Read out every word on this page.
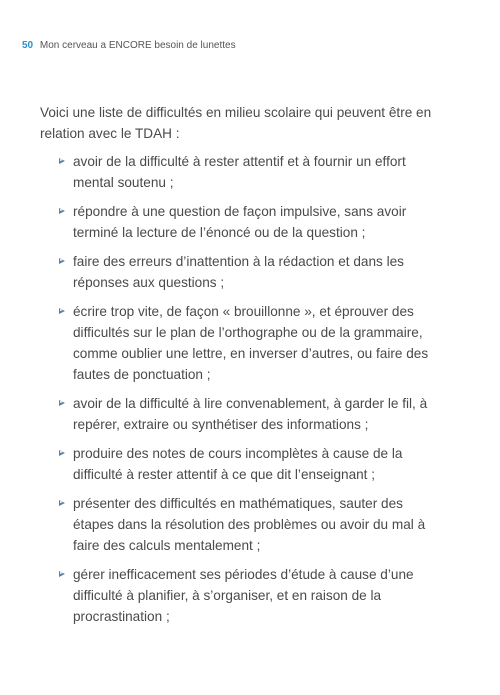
50 Mon cerveau a ENCORE besoin de lunettes

Voici une liste de difficultés en milieu scolaire qui peuvent être en relation avec le TDAH :

avoir de la difficulté à rester attentif et à fournir un effort mental soutenu ;
répondre à une question de façon impulsive, sans avoir terminé la lecture de l’énoncé ou de la question ;
faire des erreurs d’inattention à la rédaction et dans les réponses aux questions ;
écrire trop vite, de façon « brouillonne », et éprouver des difficultés sur le plan de l’orthographe ou de la grammaire, comme oublier une lettre, en inverser d’autres, ou faire des fautes de ponctuation ;
avoir de la difficulté à lire convenablement, à garder le fil, à repérer, extraire ou synthétiser des informations ;
produire des notes de cours incomplètes à cause de la difficulté à rester attentif à ce que dit l’enseignant ;
présenter des difficultés en mathématiques, sauter des étapes dans la résolution des problèmes ou avoir du mal à faire des calculs mentalement ;
gérer inefficacement ses périodes d’étude à cause d’une difficulté à planifier, à s’organiser, et en raison de la procrastination ;
